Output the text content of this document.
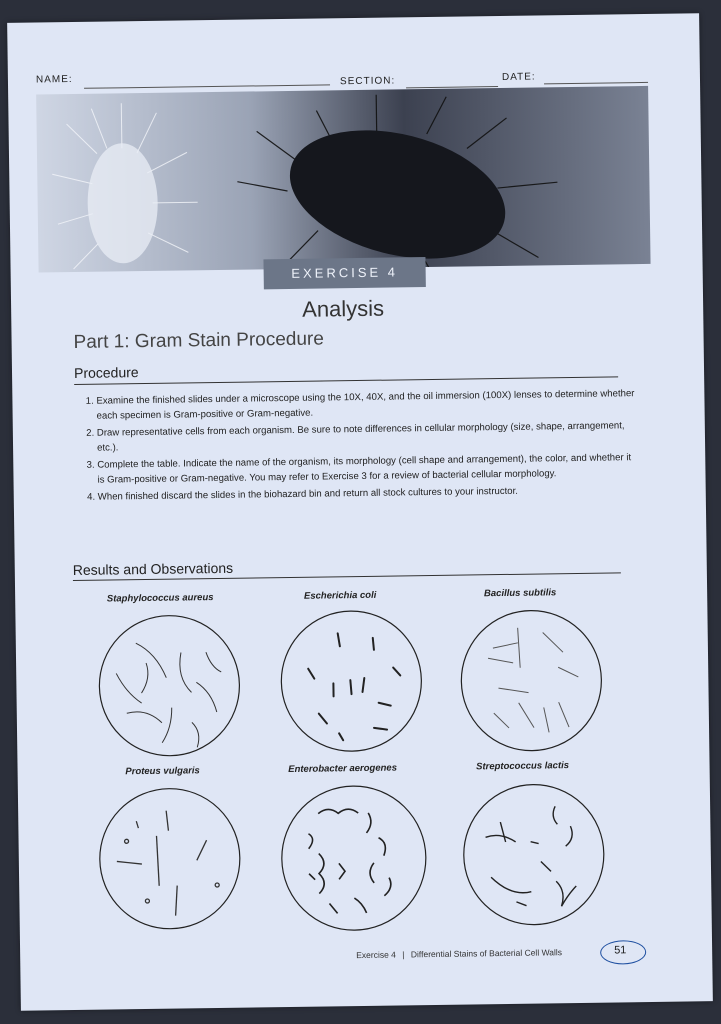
NAME:	SECTION:	DATE:
EXERCISE 4
Analysis
Part 1: Gram Stain Procedure
Procedure
1. Examine the finished slides under a microscope using the 10X, 40X, and the oil immersion (100X) lenses to determine whether each specimen is Gram-positive or Gram-negative.
2. Draw representative cells from each organism. Be sure to note differences in cellular morphology (size, shape, arrangement, etc.).
3. Complete the table. Indicate the name of the organism, its morphology (cell shape and arrangement), the color, and whether it is Gram-positive or Gram-negative. You may refer to Exercise 3 for a review of bacterial cellular morphology.
4. When finished discard the slides in the biohazard bin and return all stock cultures to your instructor.
Results and Observations
Staphylococcus aureus	Escherichia coli	Bacillus subtilis
Proteus vulgaris	Enterobacter aerogenes	Streptococcus lactis
Exercise 4 | Differential Stains of Bacterial Cell Walls	51
